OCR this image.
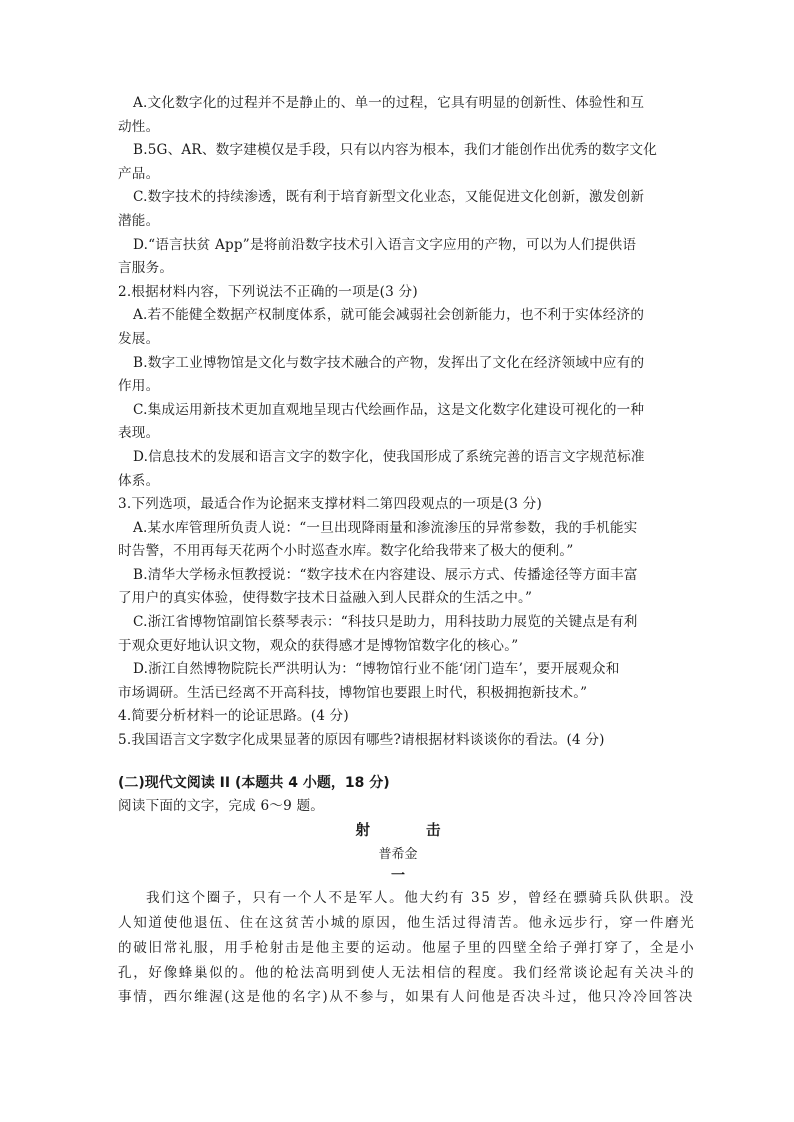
A.文化数字化的过程并不是静止的、单一的过程，它具有明显的创新性、体验性和互
动性。
B.5G、AR、数字建模仅是手段，只有以内容为根本，我们才能创作出优秀的数字文化
产品。
C.数字技术的持续渗透，既有利于培育新型文化业态，又能促进文化创新，激发创新
潜能。
D.“语言扶贫 App”是将前沿数字技术引入语言文字应用的产物，可以为人们提供语
言服务。
2.根据材料内容，下列说法不正确的一项是(3 分)
A.若不能健全数据产权制度体系，就可能会减弱社会创新能力，也不利于实体经济的
发展。
B.数字工业博物馆是文化与数字技术融合的产物，发挥出了文化在经济领域中应有的
作用。
C.集成运用新技术更加直观地呈现古代绘画作品，这是文化数字化建设可视化的一种
表现。
D.信息技术的发展和语言文字的数字化，使我国形成了系统完善的语言文字规范标准
体系。
3.下列选项，最适合作为论据来支撑材料二第四段观点的一项是(3 分)
A.某水库管理所负责人说：“一旦出现降雨量和渗流渗压的异常参数，我的手机能实
时告警，不用再每天花两个小时巡查水库。数字化给我带来了极大的便利。”
B.清华大学杨永恒教授说：“数字技术在内容建设、展示方式、传播途径等方面丰富
了用户的真实体验，使得数字技术日益融入到人民群众的生活之中。”
C.浙江省博物馆副馆长蔡琴表示：“科技只是助力，用科技助力展览的关键点是有利
于观众更好地认识文物，观众的获得感才是博物馆数字化的核心。”
D.浙江自然博物院院长严洪明认为：“博物馆行业不能‘闭门造车’，要开展观众和
市场调研。生活已经离不开高科技，博物馆也要跟上时代，积极拥抱新技术。”
4.简要分析材料一的论证思路。(4 分)
5.我国语言文字数字化成果显著的原因有哪些?请根据材料谈谈你的看法。(4 分)
(二)现代文阅读 II (本题共 4 小题，18 分)
阅读下面的文字，完成 6～9 题。
射击
普希金
一
我们这个圈子，只有一个人不是军人。他大约有 35 岁，曾经在骠骑兵队供职。没
人知道使他退伍、住在这贫苦小城的原因，他生活过得清苦。他永远步行，穿一件磨光
的破旧常礼服，用手枪射击是他主要的运动。他屋子里的四壁全给子弹打穿了，全是小
孔，好像蜂巢似的。他的枪法高明到使人无法相信的程度。我们经常谈论起有关决斗的
事情，西尔维渥(这是他的名字)从不参与，如果有人问他是否决斗过，他只冷冷回答决
